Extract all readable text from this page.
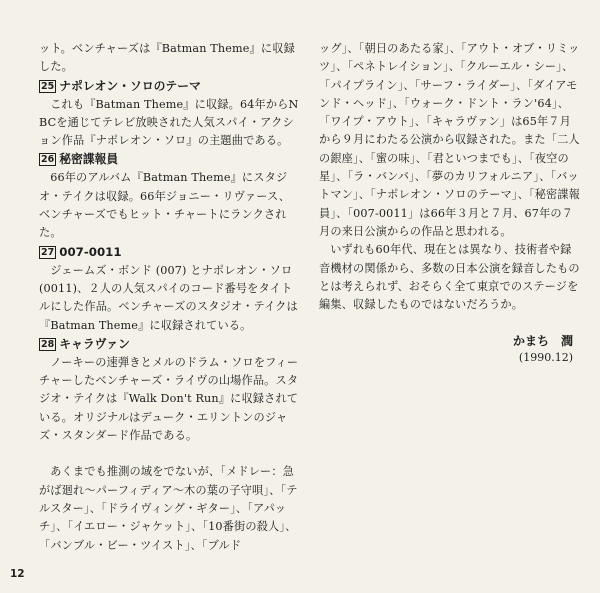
ット。ベンチャーズは『Batman Theme』に収録した。

25 ナポレオン・ソロのテーマ

これも『Batman Theme』に収録。64年からNBCを通じてテレビ放映された人気スパイ・アクション作品『ナポレオン・ソロ』の主題曲である。

26 秘密諜報員

66年のアルバム『Batman Theme』にスタジオ・テイクは収録。66年ジョニー・リヴァース、ベンチャーズでもヒット・チャートにランクされた。

27 007-0011

ジェームズ・ボンド (007) とナポレオン・ソロ (0011)、２人の人気スパイのコード番号をタイトルにした作品。ベンチャーズのスタジオ・テイクは『Batman Theme』に収録されている。

28 キャラヴァン

ノーキーの速弾きとメルのドラム・ソロをフィーチャーしたベンチャーズ・ライヴの山場作品。スタジオ・テイクは『Walk Don't Run』に収録されている。オリジナルはデューク・エリントンのジャズ・スタンダード作品である。

あくまでも推測の域をでないが、「メドレー：急がば廻れ～パーフィディア～木の葉の子守唄」、「テルスター」、「ドライヴィング・ギター」、「アパッチ」、「イエロー・ジャケット」、「10番街の殺人」、「バンブル・ビー・ツイスト」、「ブルド

ッグ」、「朝日のあたる家」、「アウト・オブ・リミッツ」、「ペネトレイション」、「クルーエル・シー」、「パイプライン」、「サーフ・ライダー」、「ダイアモンド・ヘッド」、「ウォーク・ドント・ラン'64」、「ワイプ・アウト」、「キャラヴァン」は65年７月から９月にわたる公演から収録された。また「二人の銀座」、「蜜の味」、「君といつまでも」、「夜空の星」、「ラ・バンバ」、「夢のカリフォルニア」、「バットマン」、「ナポレオン・ソロのテーマ」、「秘密諜報員」、「007-0011」は66年３月と７月、67年の７月の来日公演からの作品と思われる。

いずれも60年代、現在とは異なり、技術者や録音機材の関係から、多数の日本公演を録音したものとは考えられず、おそらく全て東京でのステージを編集、収録したものではないだろうか。

かまち　潤
(1990.12)
12
